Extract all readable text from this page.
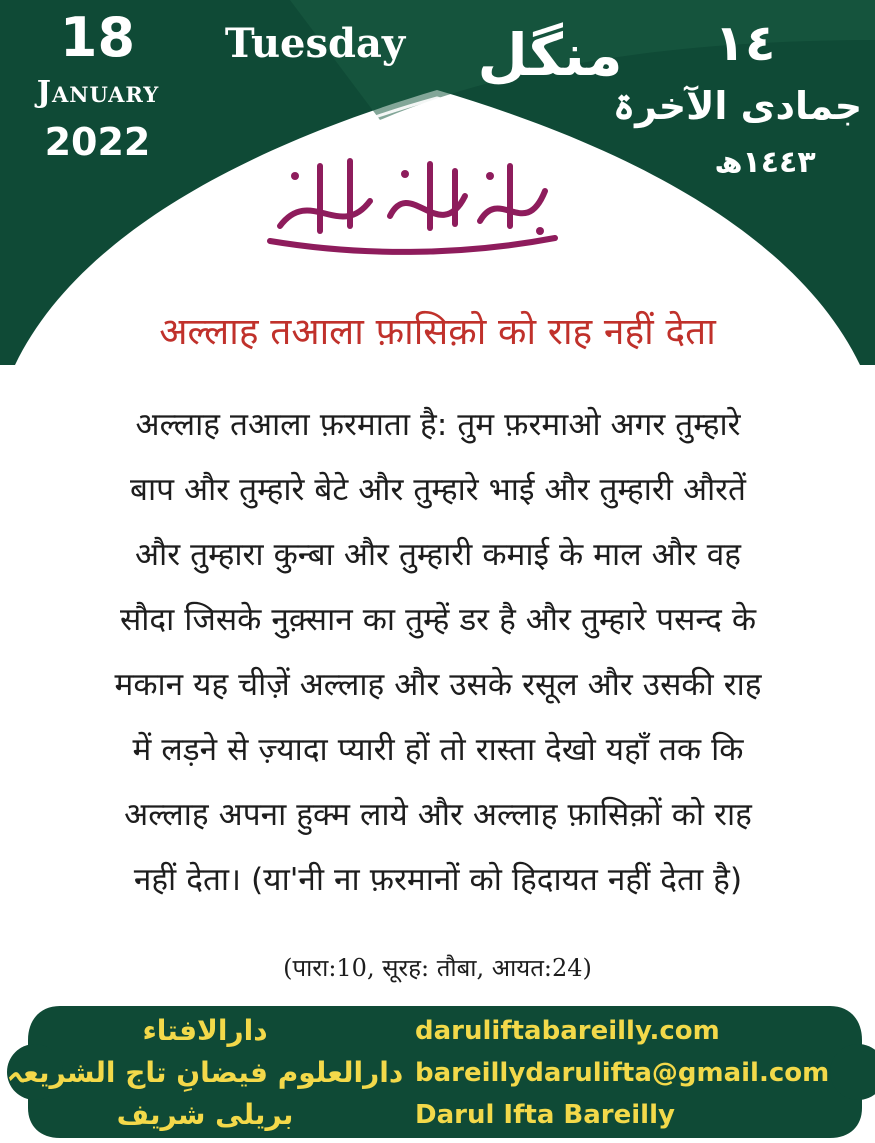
18
January
2022
Tuesday	منگل	١٤
جمادی الآخرۃ
١٤٤٣ھ
अल्लाह तआला फ़ासिक़ो को राह नहीं देता
अल्लाह तआला फ़रमाता है: तुम फ़रमाओ अगर तुम्हारे
बाप और तुम्हारे बेटे और तुम्हारे भाई और तुम्हारी औरतें
और तुम्हारा कुन्बा और तुम्हारी कमाई के माल और वह
सौदा जिसके नुक़्सान का तुम्हें डर है और तुम्हारे पसन्द के
मकान यह चीज़ें अल्लाह और उसके रसूल और उसकी राह
में लड़ने से ज़्यादा प्यारी हों तो रास्ता देखो यहाँ तक कि
अल्लाह अपना हुक्म लाये और अल्लाह फ़ासिक़ों को राह
नहीं देता। (या'नी ना फ़रमानों को हिदायत नहीं देता है)
(पारा:10, सूरह: तौबा, आयत:24)
دارالافتاء
دارالعلوم فیضانِ تاج الشریعہ
بریلی شریف
daruliftabareilly.com
bareillydarulifta@gmail.com
Darul Ifta Bareilly
